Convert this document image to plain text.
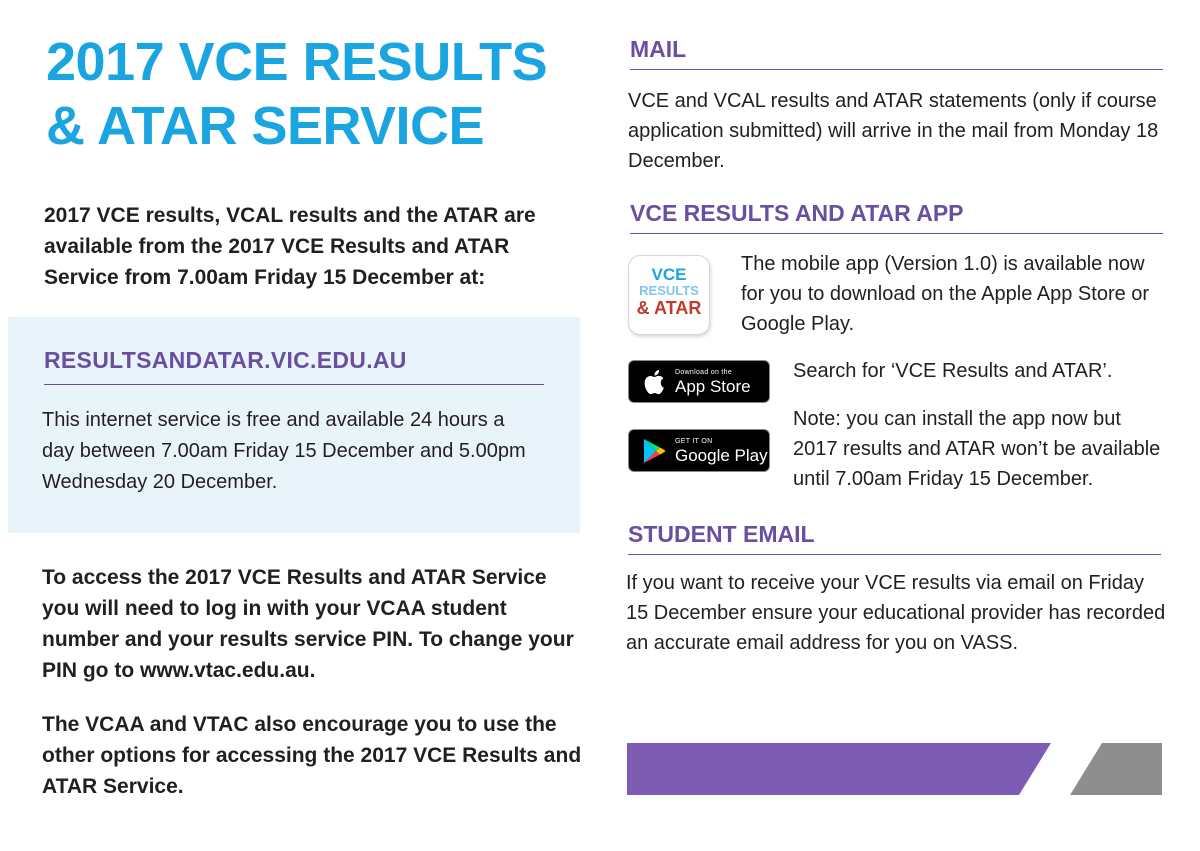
2017 VCE RESULTS
& ATAR SERVICE
2017 VCE results, VCAL results and the ATAR are available from the 2017 VCE Results and ATAR Service from 7.00am Friday 15 December at:
RESULTSANDATAR.VIC.EDU.AU
This internet service is free and available 24 hours a day between 7.00am Friday 15 December and 5.00pm Wednesday 20 December.
To access the 2017 VCE Results and ATAR Service you will need to log in with your VCAA student number and your results service PIN. To change your PIN go to www.vtac.edu.au.
The VCAA and VTAC also encourage you to use the other options for accessing the 2017 VCE Results and ATAR Service.
MAIL
VCE and VCAL results and ATAR statements (only if course application submitted) will arrive in the mail from Monday 18 December.
VCE RESULTS AND ATAR APP
VCE
RESULTS
& ATAR
The mobile app (Version 1.0) is available now for you to download on the Apple App Store or Google Play.
Download on the
App Store
Search for ‘VCE Results and ATAR’.
GET IT ON
Google Play
Note: you can install the app now but 2017 results and ATAR won’t be available until 7.00am Friday 15 December.
STUDENT EMAIL
If you want to receive your VCE results via email on Friday 15 December ensure your educational provider has recorded an accurate email address for you on VASS.
